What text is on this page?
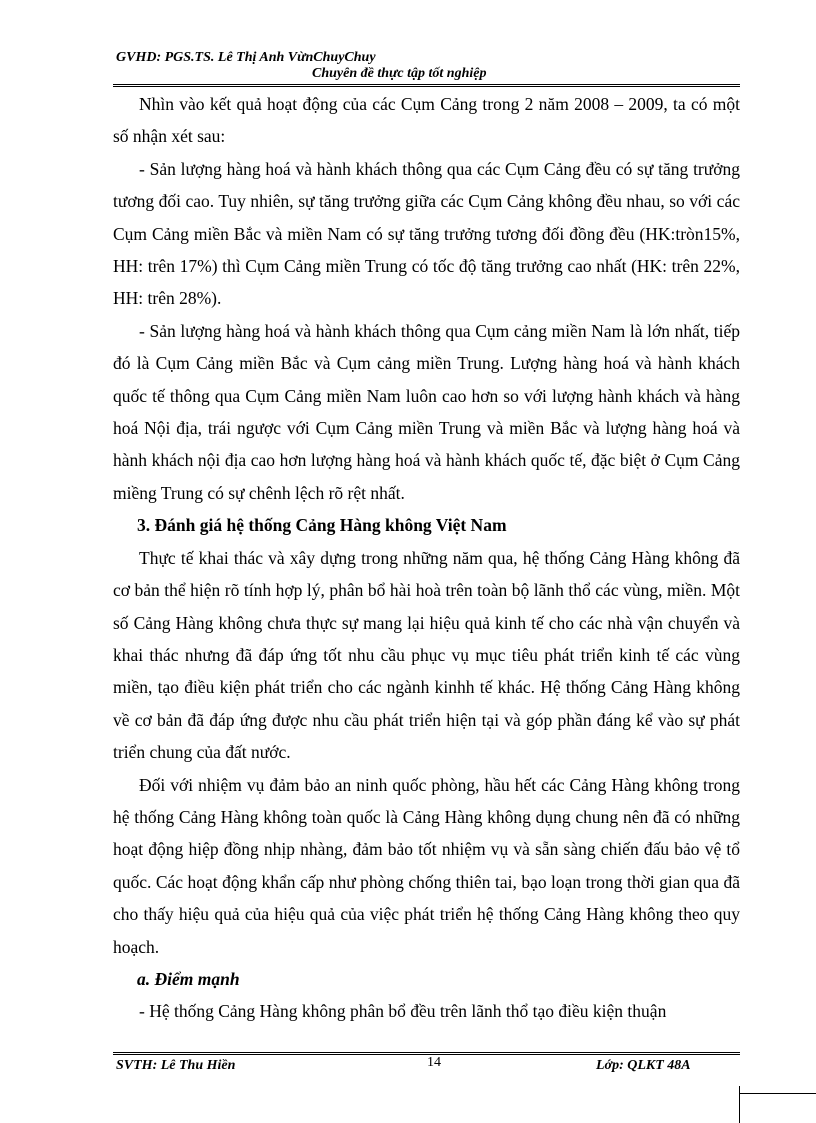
GVHD: PGS.TS. Lê Thị Anh VừnChuyChuy
Chuyên đề thực tập tốt nghiệp

Nhìn vào kết quả hoạt động của các Cụm Cảng trong 2 năm 2008 – 2009, ta có một số nhận xét sau:

- Sản lượng hàng hoá và hành khách thông qua các Cụm Cảng đều có sự tăng trưởng tương đối cao. Tuy nhiên, sự tăng trưởng giữa các Cụm Cảng không đều nhau, so với các Cụm Cảng miền Bắc và miền Nam có sự tăng trưởng tương đối đồng đều (HK:tròn15%, HH: trên 17%) thì Cụm Cảng miền Trung có tốc độ tăng trưởng cao nhất (HK: trên 22%, HH: trên 28%).

- Sản lượng hàng hoá và hành khách thông qua Cụm cảng miền Nam là lớn nhất, tiếp đó là Cụm Cảng miền Bắc và Cụm cảng miền Trung. Lượng hàng hoá và hành khách quốc tế thông qua Cụm Cảng miền Nam luôn cao hơn so với lượng hành khách và hàng hoá Nội địa, trái ngược với Cụm Cảng miền Trung và miền Bắc và lượng hàng hoá và hành khách nội địa cao hơn lượng hàng hoá và hành khách quốc tế, đặc biệt ở Cụm Cảng miềng Trung có sự chênh lệch rõ rệt nhất.

3. Đánh giá hệ thống Cảng Hàng không Việt Nam

Thực tế khai thác và xây dựng trong những năm qua, hệ thống Cảng Hàng không đã cơ bản thể hiện rõ tính hợp lý, phân bổ hài hoà trên toàn bộ lãnh thổ các vùng, miền. Một số Cảng Hàng không chưa thực sự mang lại hiệu quả kinh tế cho các nhà vận chuyển và khai thác nhưng đã đáp ứng tốt nhu cầu phục vụ mục tiêu phát triển kinh tế các vùng miền, tạo điều kiện phát triển cho các ngành kinhh tế khác. Hệ thống Cảng Hàng không về cơ bản đã đáp ứng được nhu cầu phát triển hiện tại và góp phần đáng kể vào sự phát triển chung của đất nước.

Đối với nhiệm vụ đảm bảo an ninh quốc phòng, hầu hết các Cảng Hàng không trong hệ thống Cảng Hàng không toàn quốc là Cảng Hàng không dụng chung nên đã có những hoạt động hiệp đồng nhịp nhàng, đảm bảo tốt nhiệm vụ và sẵn sàng chiến đấu bảo vệ tổ quốc. Các hoạt động khẩn cấp như phòng chống thiên tai, bạo loạn trong thời gian qua đã cho thấy hiệu quả của hiệu quả của việc phát triển hệ thống Cảng Hàng không theo quy hoạch.

a. Điểm mạnh

- Hệ thống Cảng Hàng không phân bổ đều trên lãnh thổ tạo điều kiện thuận

SVTH: Lê Thu Hiền	14	Lớp: QLKT 48A
